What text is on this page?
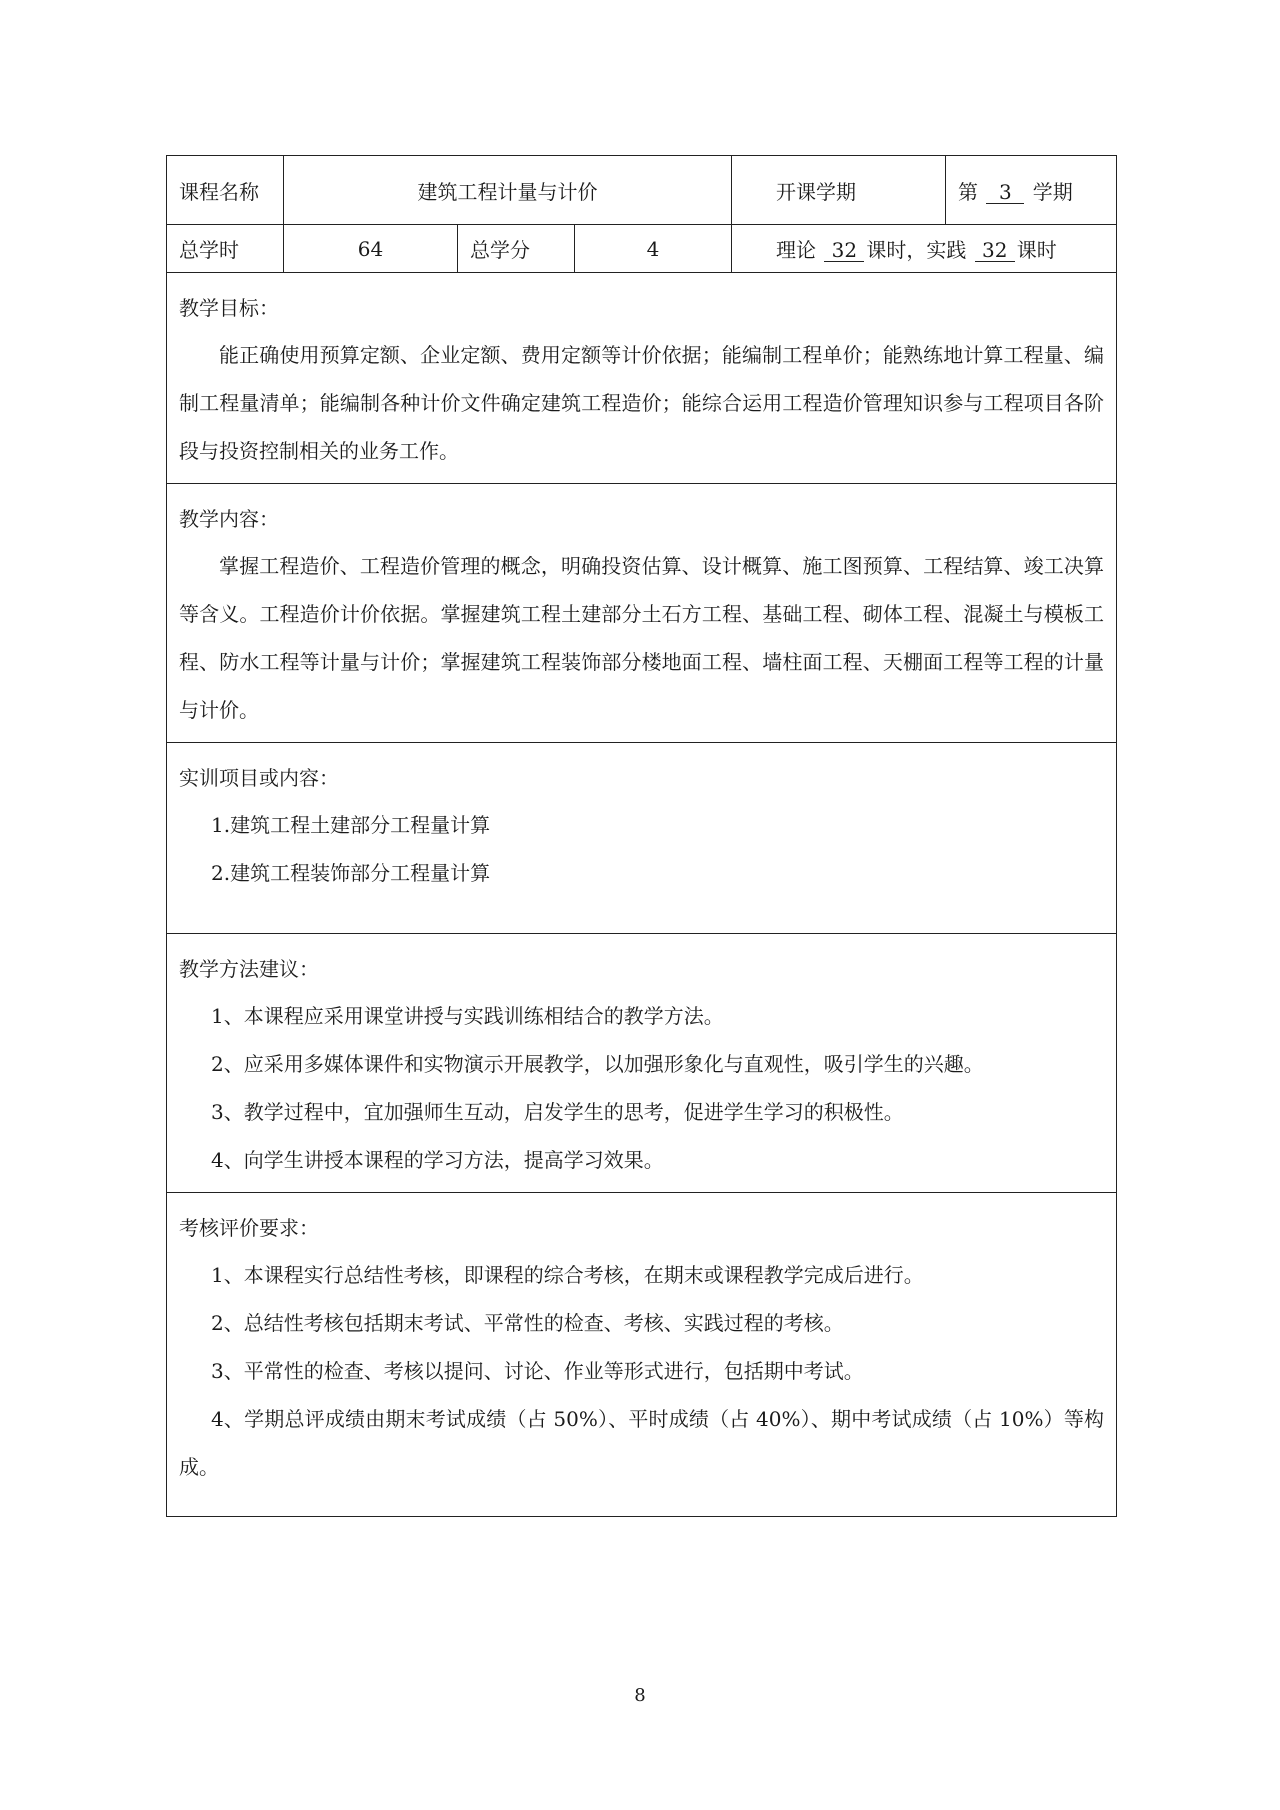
课程名称	建筑工程计量与计价			开课学期	第 3 学期
总学时	64	总学分	4	理论 32 课时，实践 32 课时	

教学目标：

能正确使用预算定额、企业定额、费用定额等计价依据；能编制工程单价；能熟练地计算工程量、编制工程量清单；能编制各种计价文件确定建筑工程造价；能综合运用工程造价管理知识参与工程项目各阶段与投资控制相关的业务工作。					

教学内容：

掌握工程造价、工程造价管理的概念，明确投资估算、设计概算、施工图预算、工程结算、竣工决算等含义。工程造价计价依据。掌握建筑工程土建部分土石方工程、基础工程、砌体工程、混凝土与模板工程、防水工程等计量与计价；掌握建筑工程装饰部分楼地面工程、墙柱面工程、天棚面工程等工程的计量与计价。					

实训项目或内容：

1.建筑工程土建部分工程量计算

2.建筑工程装饰部分工程量计算					

教学方法建议：

1、本课程应采用课堂讲授与实践训练相结合的教学方法。

2、应采用多媒体课件和实物演示开展教学，以加强形象化与直观性，吸引学生的兴趣。

3、教学过程中，宜加强师生互动，启发学生的思考，促进学生学习的积极性。

4、向学生讲授本课程的学习方法，提高学习效果。					

考核评价要求：

1、本课程实行总结性考核，即课程的综合考核，在期末或课程教学完成后进行。

2、总结性考核包括期末考试、平常性的检查、考核、实践过程的考核。

3、平常性的检查、考核以提问、讨论、作业等形式进行，包括期中考试。

4、学期总评成绩由期末考试成绩（占 50%）、平时成绩（占 40%）、期中考试成绩（占 10%）等构成。					

8
